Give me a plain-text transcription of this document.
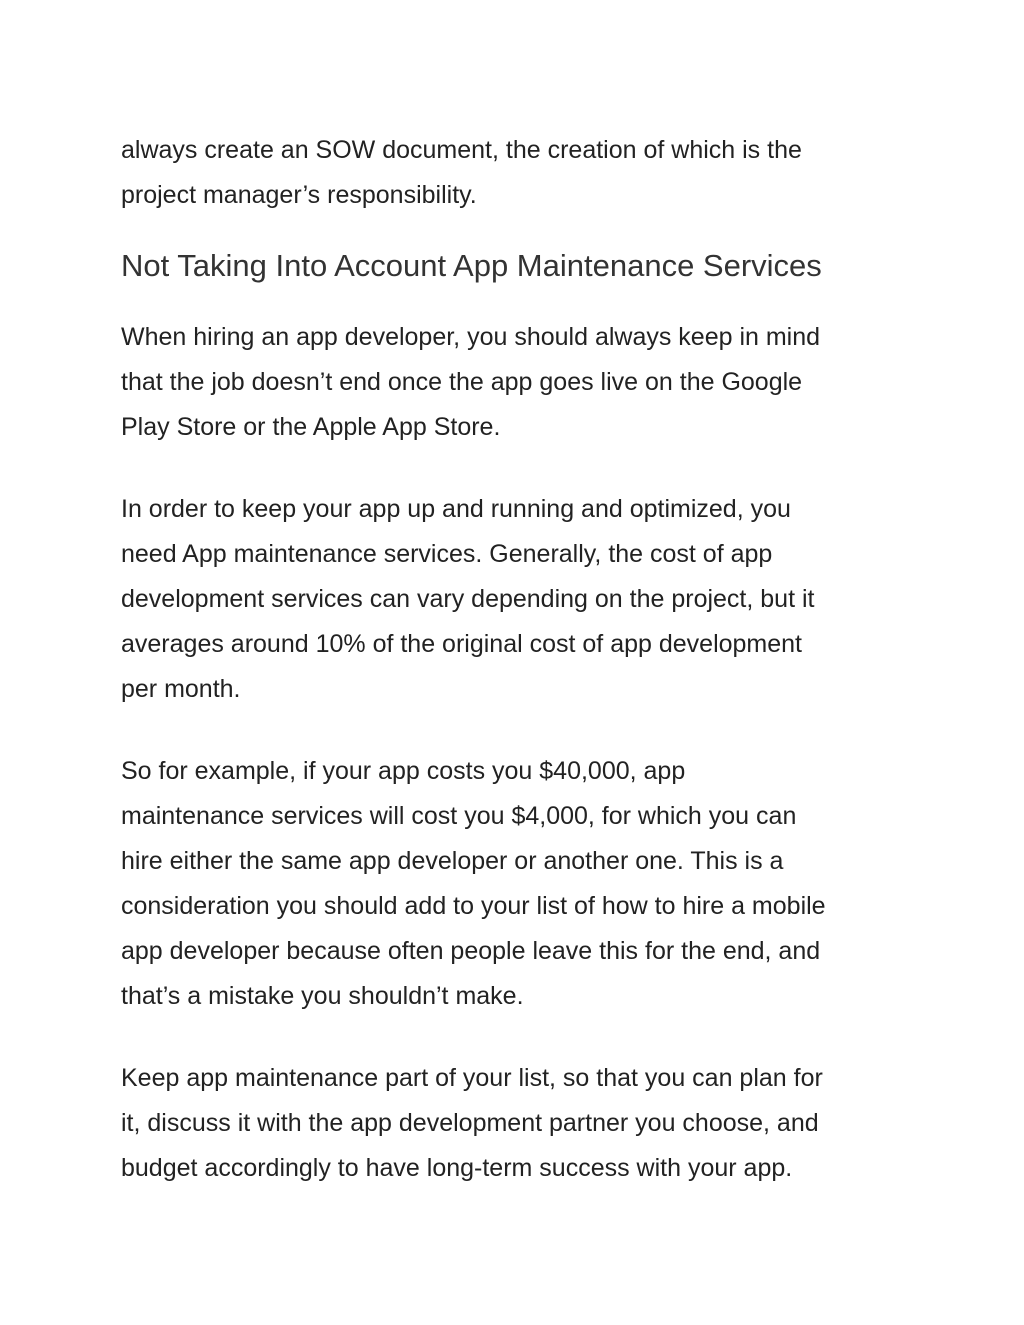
always create an SOW document, the creation of which is the
project manager’s responsibility.

Not Taking Into Account App Maintenance Services

When hiring an app developer, you should always keep in mind
that the job doesn’t end once the app goes live on the Google
Play Store or the Apple App Store.

In order to keep your app up and running and optimized, you
need App maintenance services. Generally, the cost of app
development services can vary depending on the project, but it
averages around 10% of the original cost of app development
per month.

So for example, if your app costs you $40,000, app
maintenance services will cost you $4,000, for which you can
hire either the same app developer or another one. This is a
consideration you should add to your list of how to hire a mobile
app developer because often people leave this for the end, and
that’s a mistake you shouldn’t make.

Keep app maintenance part of your list, so that you can plan for
it, discuss it with the app development partner you choose, and
budget accordingly to have long-term success with your app.
